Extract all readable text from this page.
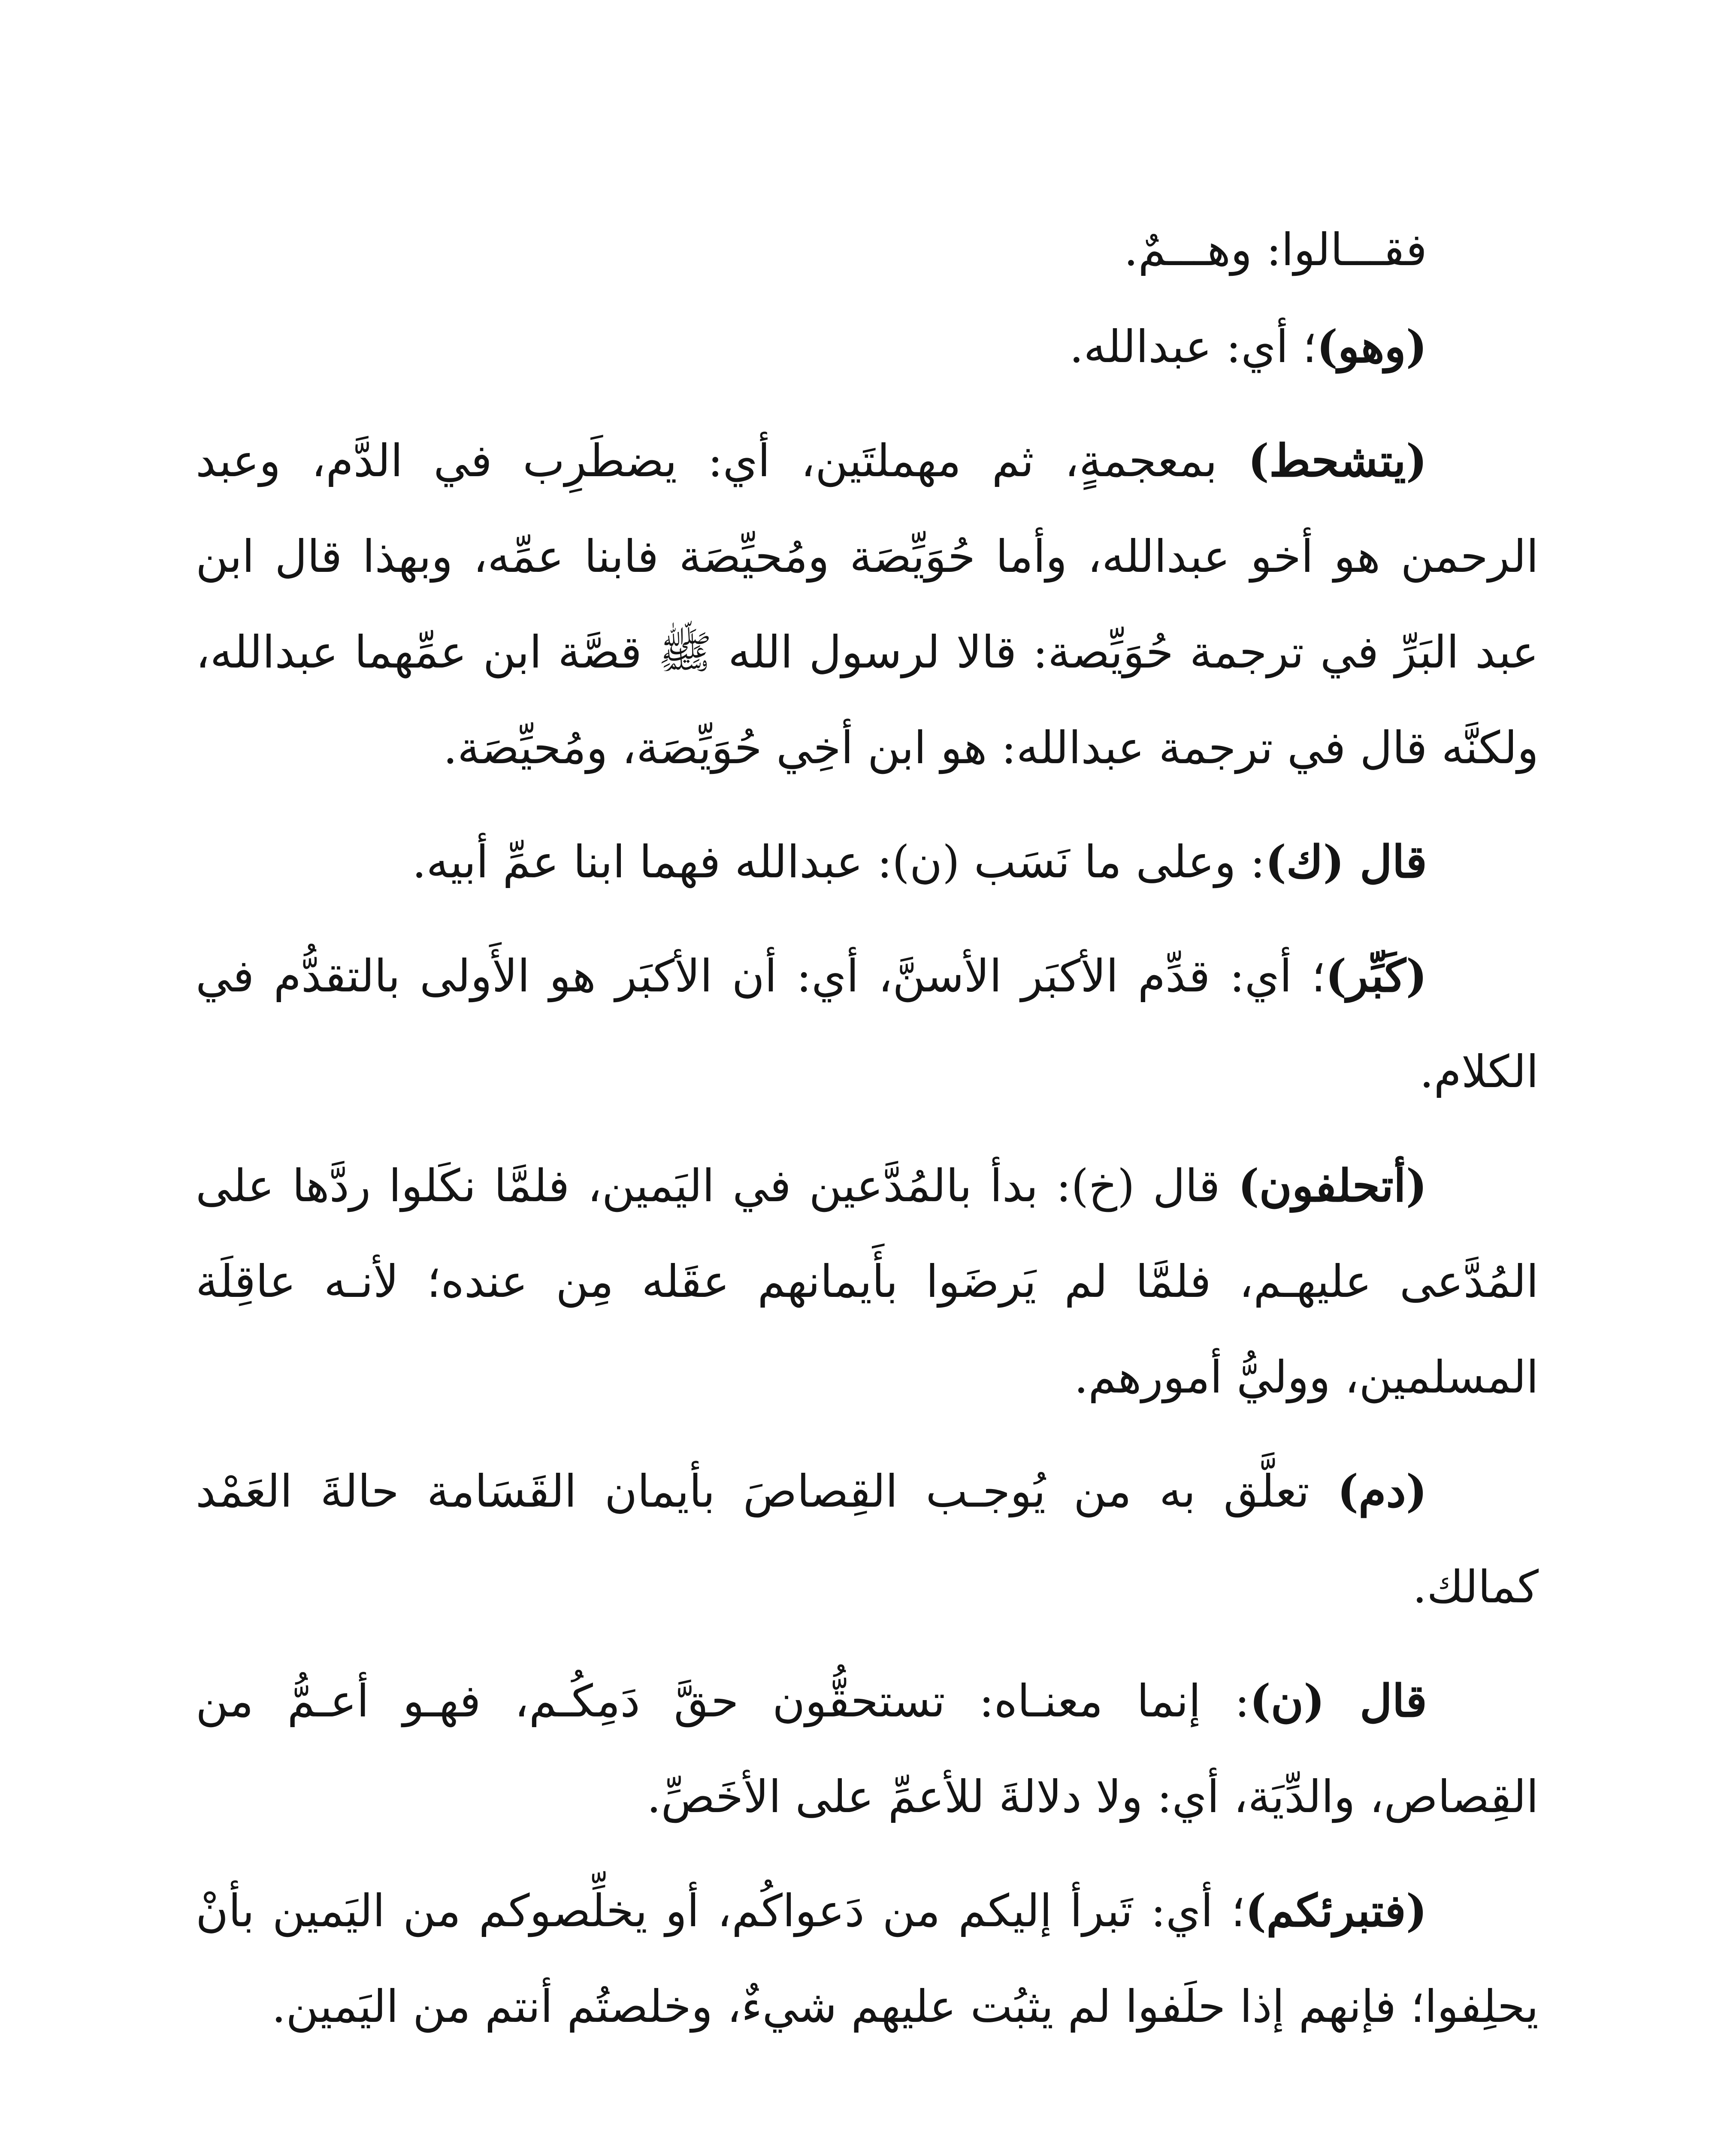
فقـــالوا: وهـــمٌ.

(وهو)؛ أي: عبدالله.

(يتشحط) بمعجمةٍ، ثم مهملتَين، أي: يضطَرِب في الدَّم، وعبد الرحمن هو أخو عبدالله، وأما حُوَيِّصَة ومُحيِّصَة فابنا عمِّه، وبهذا قال ابن عبد البَرِّ في ترجمة حُوَيِّصة: قالا لرسول الله ﷺ قصَّة ابن عمِّهما عبدالله، ولكنَّه قال في ترجمة عبدالله: هو ابن أخِي حُوَيِّصَة، ومُحيِّصَة.

قال (ك): وعلى ما نَسَب (ن): عبدالله فهما ابنا عمِّ أبيه.

(كَبِّر)؛ أي: قدِّم الأكبَر الأسنَّ، أي: أن الأكبَر هو الأَولى بالتقدُّم في الكلام.

(أتحلفون) قال (خ): بدأ بالمُدَّعين في اليَمين، فلمَّا نكَلوا ردَّها على المُدَّعى عليهـم، فلمَّا لم يَرضَوا بأَيمانهم عقَله مِن عنده؛ لأنـه عاقِلَة المسلمين، ووليُّ أمورهم.

(دم) تعلَّق به من يُوجـب القِصاصَ بأيمان القَسَامة حالةَ العَمْد كمالك.

قال (ن): إنما معنـاه: تستحقُّون حقَّ دَمِكُـم، فهـو أعـمُّ من القِصاص، والدِّيَة، أي: ولا دلالةَ للأعمِّ على الأخَصِّ.

(فتبرئكم)؛ أي: تَبرأ إليكم من دَعواكُم، أو يخلِّصوكم من اليَمين بأنْ يحلِفوا؛ فإنهم إذا حلَفوا لم يثبُت عليهم شيءٌ، وخلصتُم أنتم من اليَمين.
